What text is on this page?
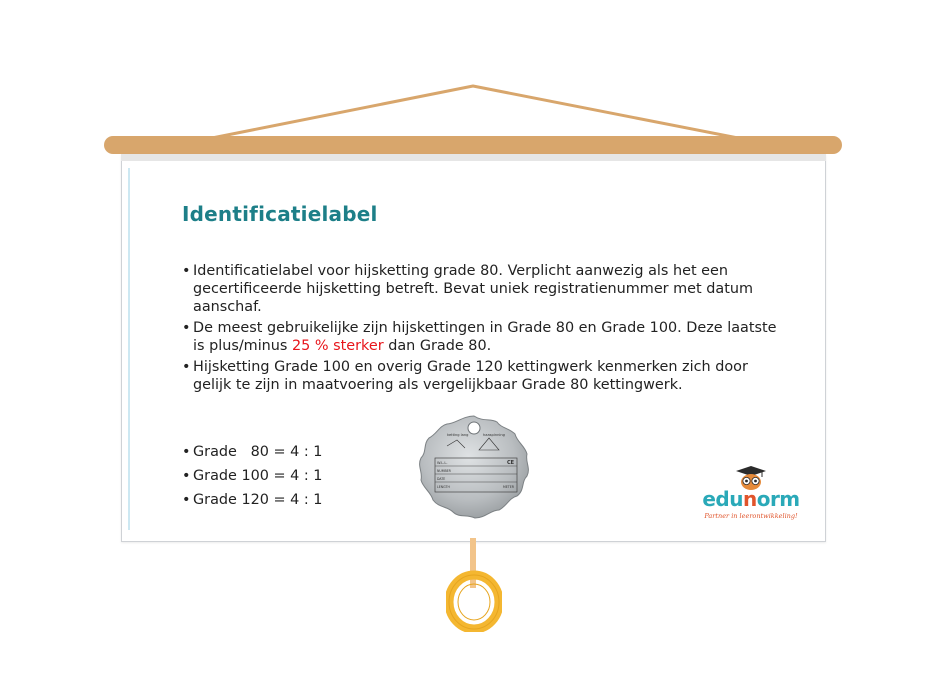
Identificatielabel
• Identificatielabel voor hijsketting grade 80. Verplicht aanwezig als het een gecertificeerde hijsketting betreft. Bevat uniek registratienummer met datum aanschaf.
• De meest gebruikelijke zijn hijskettingen in Grade 80 en Grade 100. Deze laatste is plus/minus 25 % sterker dan Grade 80.
• Hijsketting Grade 100 en overig Grade 120 kettingwerk kenmerken zich door gelijk te zijn in maatvoering als vergelijkbaar Grade 80 kettingwerk.
• Grade   80 = 4 : 1
• Grade 100 = 4 : 1
• Grade 120 = 4 : 1
ketting lang	haaspinning
CE
W.L.L.
NUMBER
DATE
LENGTH	METER	edunorm
Partner in leerontwikkeling!
